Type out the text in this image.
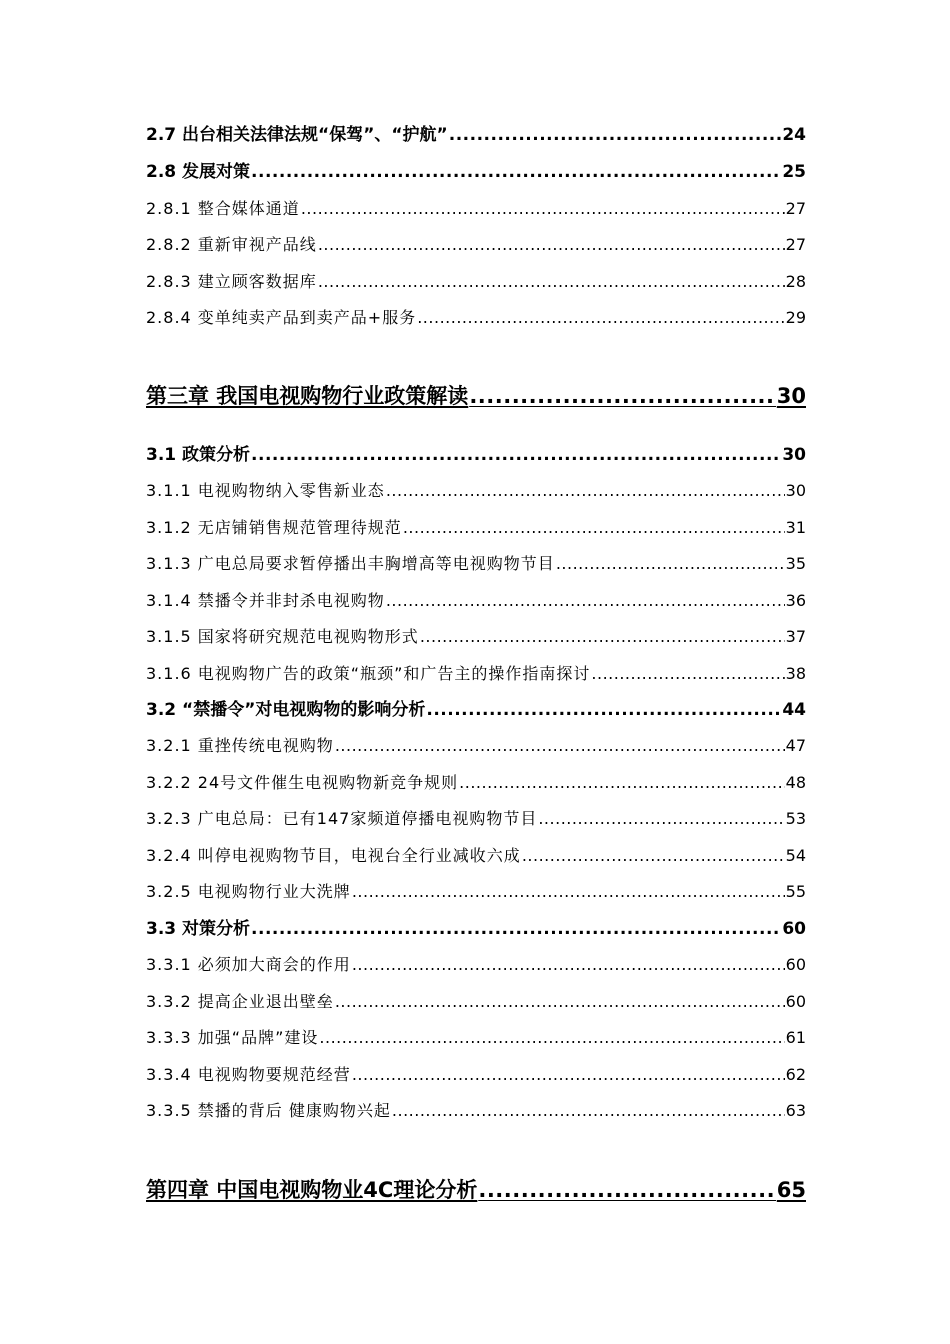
2.7 出台相关法律法规“保驾”、“护航” .....	24
2.8 发展对策 .....	25
2.8.1 整合媒体通道 .....	27
2.8.2 重新审视产品线 .....	27
2.8.3 建立顾客数据库 .....	28
2.8.4 变单纯卖产品到卖产品+服务 .....	29
第三章 我国电视购物行业政策解读 .....	30
3.1 政策分析 .....	30
3.1.1 电视购物纳入零售新业态 .....	30
3.1.2 无店铺销售规范管理待规范 .....	31
3.1.3 广电总局要求暂停播出丰胸增高等电视购物节目 .....	35
3.1.4 禁播令并非封杀电视购物 .....	36
3.1.5 国家将研究规范电视购物形式 .....	37
3.1.6 电视购物广告的政策“瓶颈”和广告主的操作指南探讨 .....	38
3.2 “禁播令”对电视购物的影响分析 .....	44
3.2.1 重挫传统电视购物 .....	47
3.2.2 24号文件催生电视购物新竞争规则 .....	48
3.2.3 广电总局：已有147家频道停播电视购物节目 .....	53
3.2.4 叫停电视购物节目，电视台全行业减收六成 .....	54
3.2.5 电视购物行业大洗牌 .....	55
3.3 对策分析 .....	60
3.3.1 必须加大商会的作用 .....	60
3.3.2 提高企业退出壁垒 .....	60
3.3.3 加强“品牌”建设 .....	61
3.3.4 电视购物要规范经营 .....	62
3.3.5 禁播的背后 健康购物兴起 .....	63
第四章 中国电视购物业4C理论分析 .....	65
